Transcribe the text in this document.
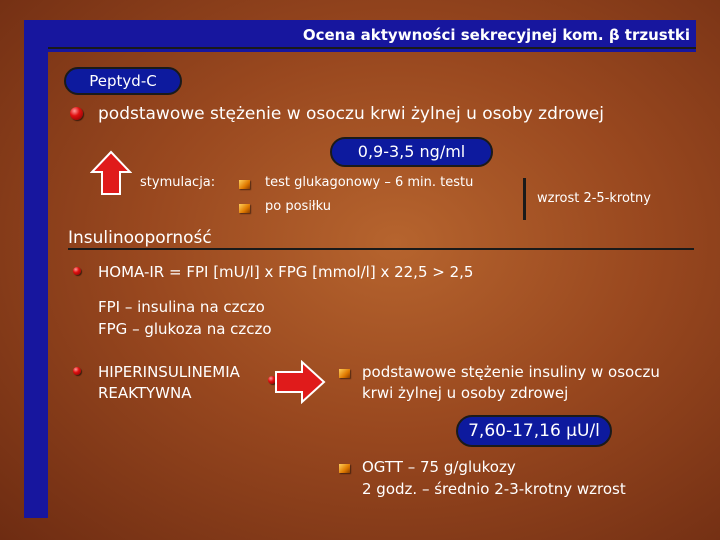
Ocena aktywności sekrecyjnej kom. β trzustki
Peptyd-C
podstawowe stężenie w osoczu krwi żylnej u osoby zdrowej
0,9-3,5 ng/ml
stymulacja:	test glukagonowy – 6 min. testu
po posiłku
wzrost 2-5-krotny
Insulinooporność
HOMA-IR = FPI [mU/l] x FPG [mmol/l] x 22,5 > 2,5
FPI – insulina na czczo
FPG – glukoza na czczo
HIPERINSULINEMIA
REAKTYWNA
podstawowe stężenie insuliny w osoczu
krwi żylnej u osoby zdrowej
7,60-17,16 µU/l
OGTT – 75 g/glukozy
2 godz. – średnio 2-3-krotny wzrost
